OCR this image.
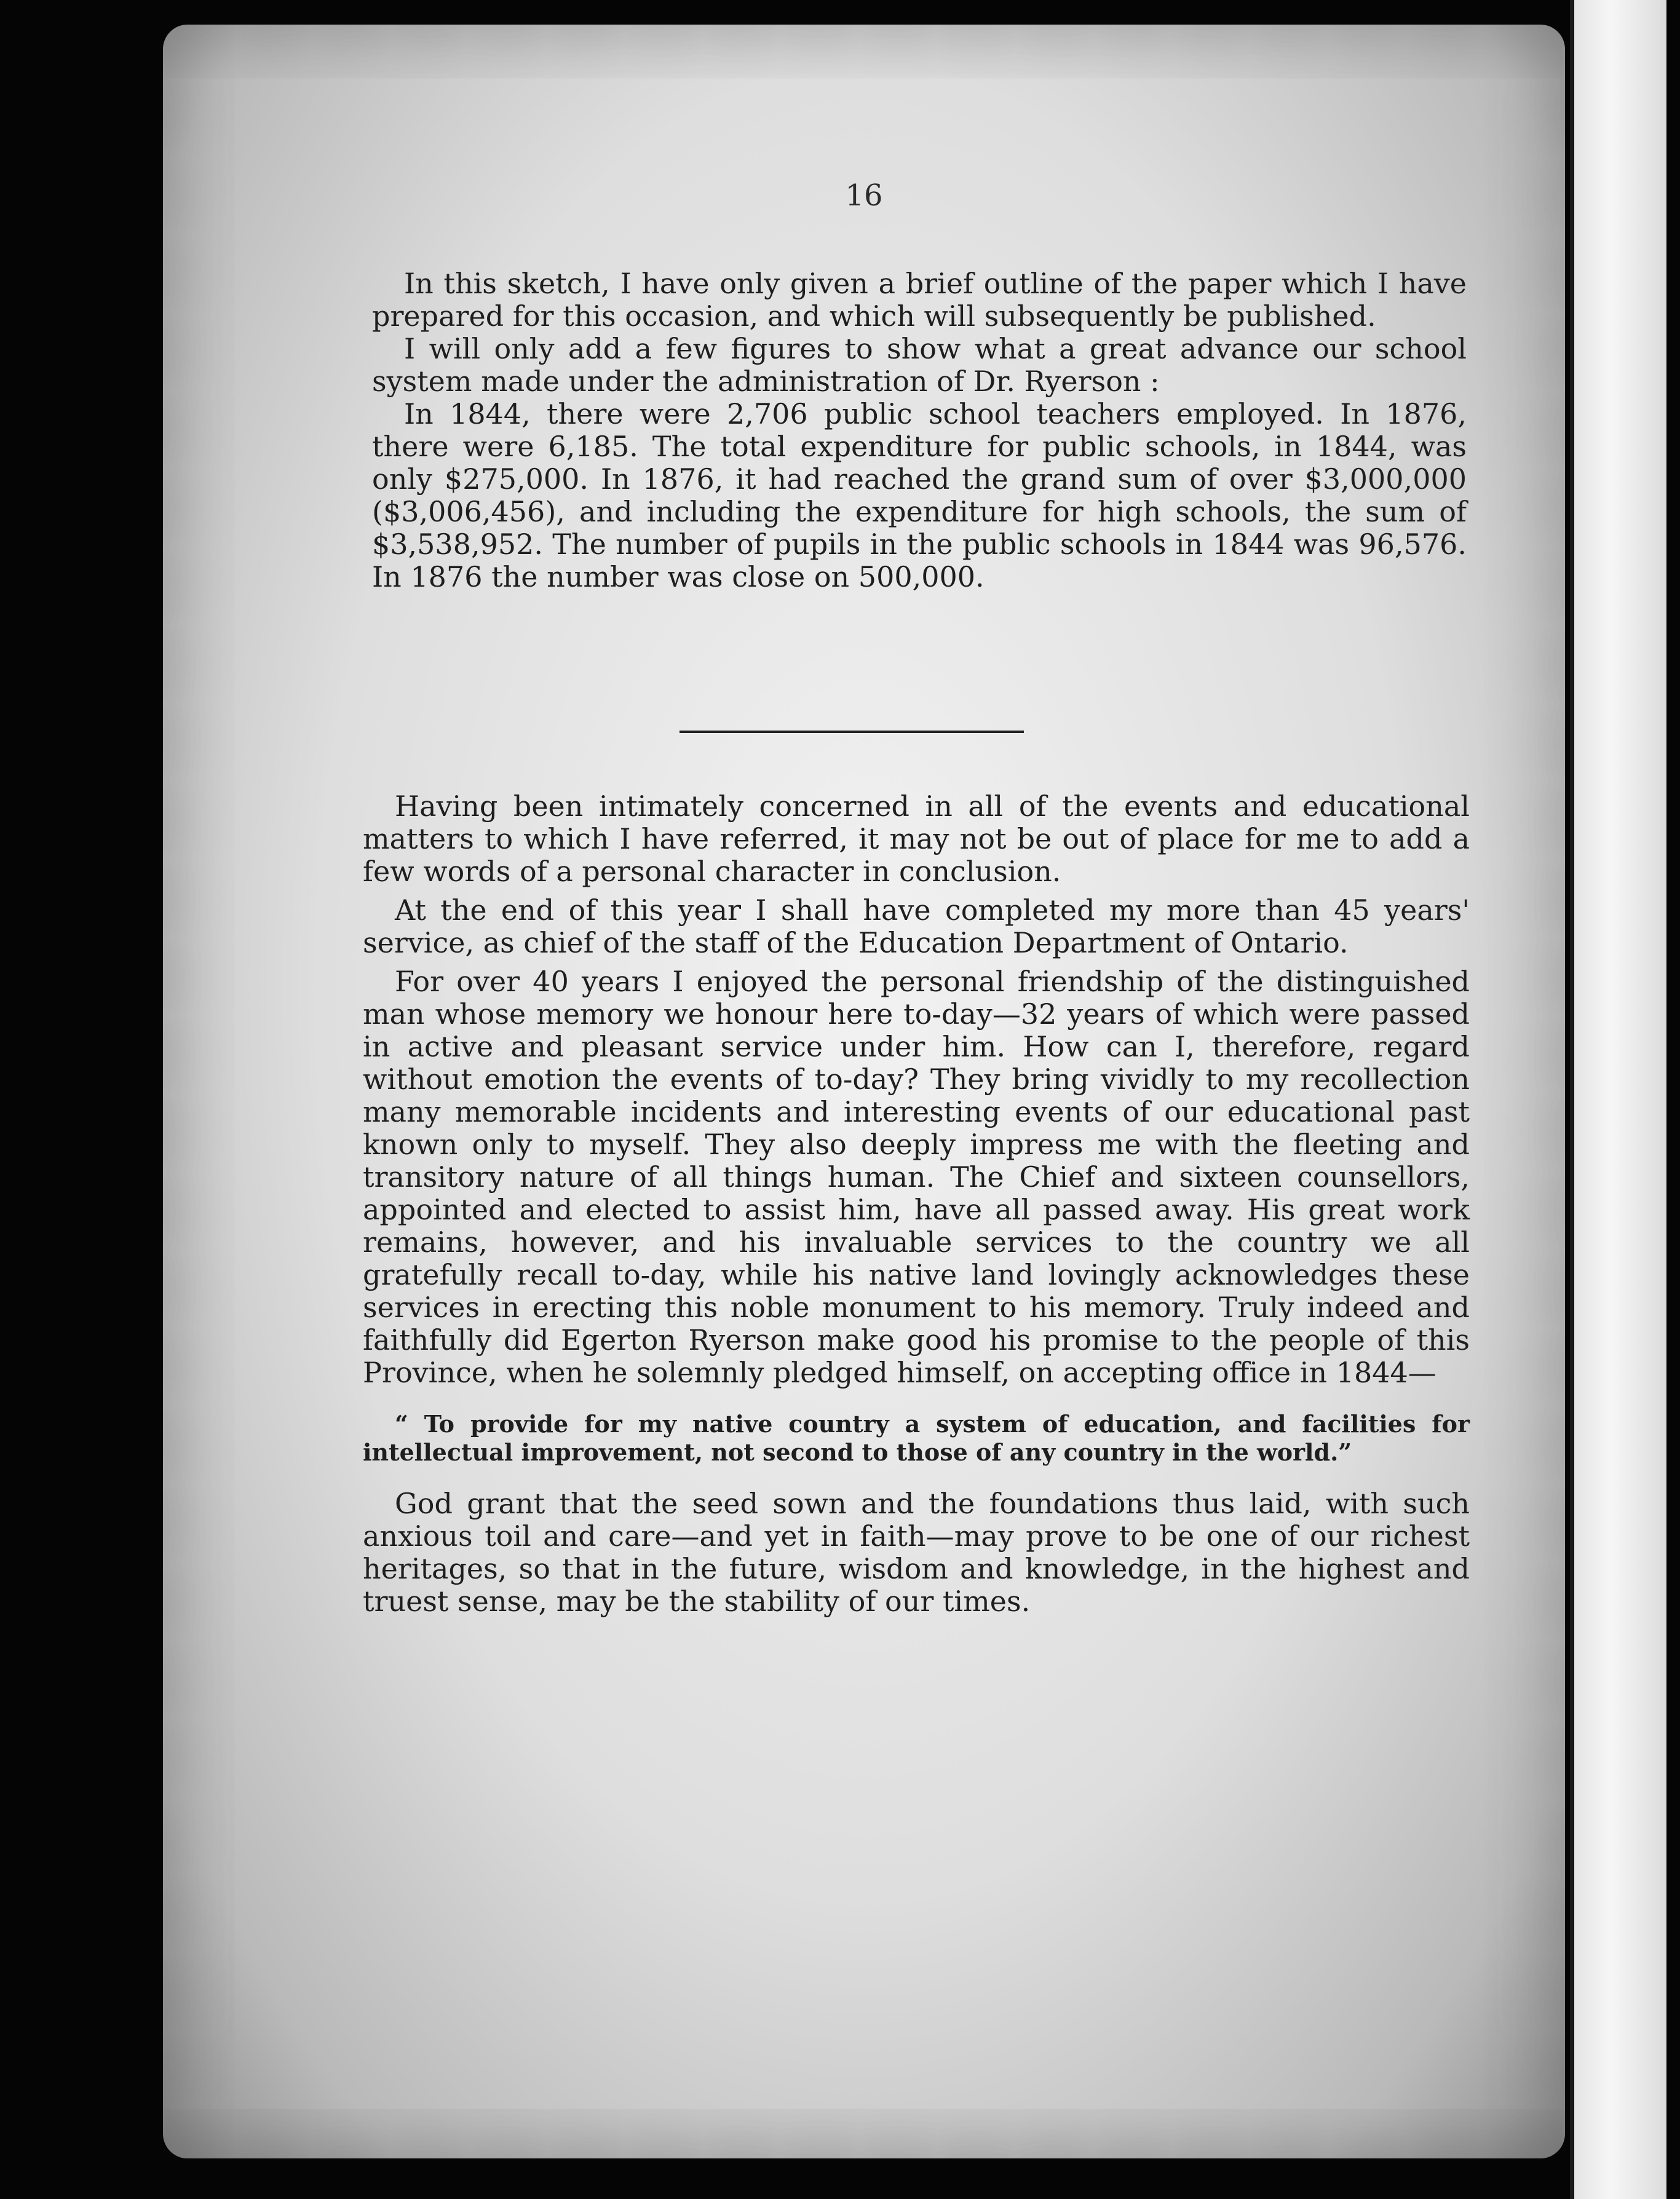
16

In this sketch, I have only given a brief outline of the paper which I have prepared for this occasion, and which will subsequently be published.

I will only add a few figures to show what a great advance our school system made under the administration of Dr. Ryerson :

In 1844, there were 2,706 public school teachers employed. In 1876, there were 6,185. The total expenditure for public schools, in 1844, was only $275,000. In 1876, it had reached the grand sum of over $3,000,000 ($3,006,456), and including the expenditure for high schools, the sum of $3,538,952. The number of pupils in the public schools in 1844 was 96,576. In 1876 the number was close on 500,000.

Having been intimately concerned in all of the events and educational matters to which I have referred, it may not be out of place for me to add a few words of a personal character in conclusion.

At the end of this year I shall have completed my more than 45 years' service, as chief of the staff of the Education Department of Ontario.

For over 40 years I enjoyed the personal friendship of the distinguished man whose memory we honour here to-day—32 years of which were passed in active and pleasant service under him. How can I, therefore, regard without emotion the events of to-day? They bring vividly to my recollection many memorable incidents and interesting events of our educational past known only to myself. They also deeply impress me with the fleeting and transitory nature of all things human. The Chief and sixteen counsellors, appointed and elected to assist him, have all passed away. His great work remains, however, and his invaluable services to the country we all gratefully recall to-day, while his native land lovingly acknowledges these services in erecting this noble monument to his memory. Truly indeed and faithfully did Egerton Ryerson make good his promise to the people of this Province, when he solemnly pledged himself, on accepting office in 1844—

“ To provide for my native country a system of education, and facilities for intellectual improvement, not second to those of any country in the world.”

God grant that the seed sown and the foundations thus laid, with such anxious toil and care—and yet in faith—may prove to be one of our richest heritages, so that in the future, wisdom and knowledge, in the highest and truest sense, may be the stability of our times.
